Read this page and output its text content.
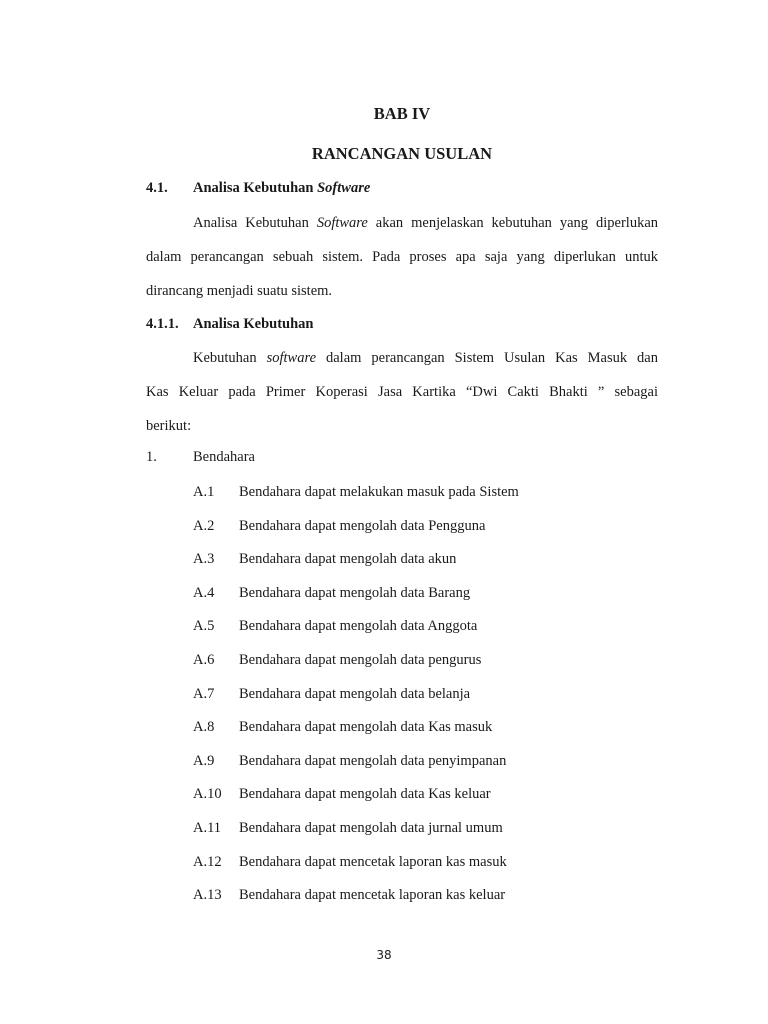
BAB IV
RANCANGAN USULAN
4.1. Analisa Kebutuhan Software
Analisa Kebutuhan Software akan menjelaskan kebutuhan yang diperlukan
dalam perancangan sebuah sistem. Pada proses apa saja yang diperlukan untuk
dirancang menjadi suatu sistem.
4.1.1. Analisa Kebutuhan
Kebutuhan software dalam perancangan Sistem Usulan Kas Masuk dan
Kas Keluar pada Primer Koperasi Jasa Kartika “Dwi Cakti Bhakti ” sebagai
berikut:
1. Bendahara
A.1 Bendahara dapat melakukan masuk pada Sistem
A.2 Bendahara dapat mengolah data Pengguna
A.3 Bendahara dapat mengolah data akun
A.4 Bendahara dapat mengolah data Barang
A.5 Bendahara dapat mengolah data Anggota
A.6 Bendahara dapat mengolah data pengurus
A.7 Bendahara dapat mengolah data belanja
A.8 Bendahara dapat mengolah data Kas masuk
A.9 Bendahara dapat mengolah data penyimpanan
A.10 Bendahara dapat mengolah data Kas keluar
A.11 Bendahara dapat mengolah data jurnal umum
A.12 Bendahara dapat mencetak laporan kas masuk
A.13 Bendahara dapat mencetak laporan kas keluar
38
